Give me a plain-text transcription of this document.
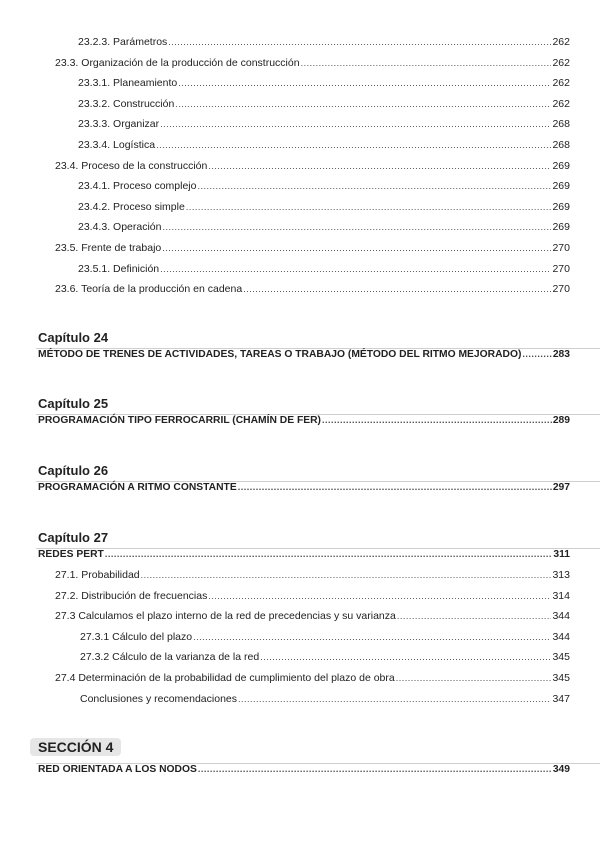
23.2.3. Parámetros .....	262
23.3. Organización de la producción de construcción .....	262
23.3.1. Planeamiento .....	262
23.3.2. Construcción .....	262
23.3.3. Organizar .....	268
23.3.4. Logística .....	268
23.4. Proceso de la construcción .....	269
23.4.1. Proceso complejo .....	269
23.4.2. Proceso simple .....	269
23.4.3. Operación .....	269
23.5. Frente de trabajo .....	270
23.5.1. Definición .....	270
23.6. Teoría de la producción en cadena .....	270
Capítulo 24
MÉTODO DE TRENES DE ACTIVIDADES, TAREAS O TRABAJO (MÉTODO DEL RITMO MEJORADO) .....	283
Capítulo 25
PROGRAMACIÓN TIPO FERROCARRIL (CHAMÍN DE FER) .....	289
Capítulo 26
PROGRAMACIÓN A RITMO CONSTANTE .....	297
Capítulo 27
REDES PERT .....	311
27.1. Probabilidad .....	313
27.2. Distribución de frecuencias .....	314
27.3 Calculamos el plazo interno de la red de precedencias y su varianza .....	344
27.3.1 Cálculo del plazo .....	344
27.3.2 Cálculo de la varianza de la red .....	345
27.4 Determinación de la probabilidad de cumplimiento del plazo de obra .....	345
Conclusiones y recomendaciones .....	347
SECCIÓN 4
RED ORIENTADA A LOS NODOS .....	349
